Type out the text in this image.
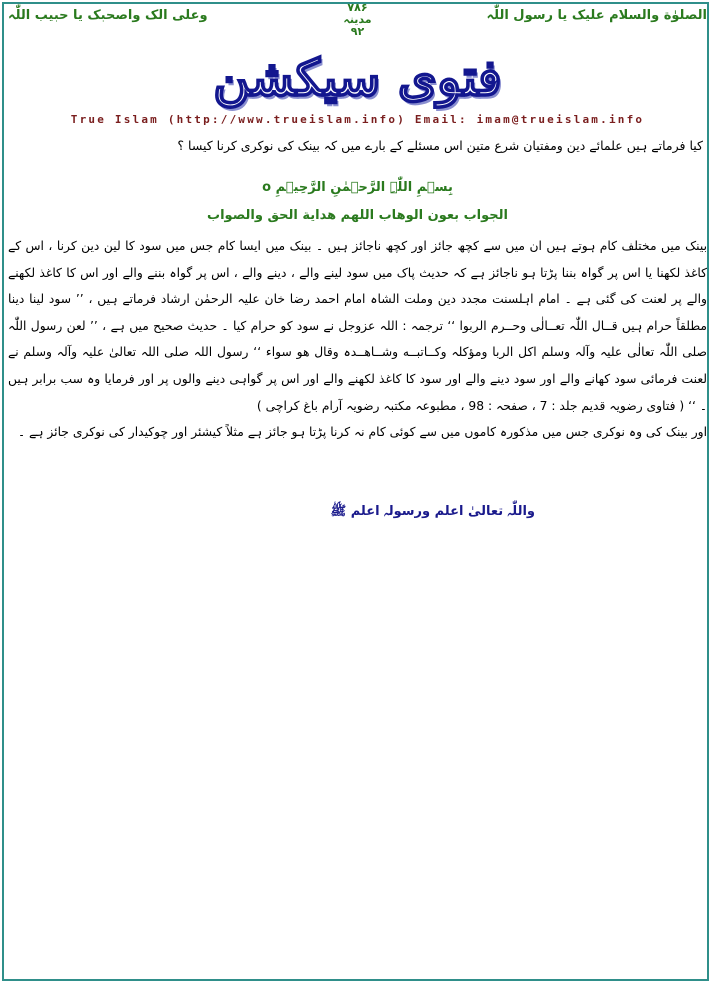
الصلوٰة والسلام علیک یا رسول اللّٰہ
۷۸۶
مدینہ
۹۲
وعلی الک واصحبک یا حبیب اللّٰہ
فتوی سیکشن
True Islam (http://www.trueislam.info) Email: imam@trueislam.info
کیا فرماتے ہیں علمائے دین ومفتیان شرع متین اس مسئلے کے بارے میں کہ بینک کی نوکری کرنا کیسا ؟
بِسۡمِ اللّٰہِ الرَّحۡمٰنِ الرَّحِیۡمِ o
الجواب بعون الوھاب اللھم ھدایة الحق والصواب

بینک میں مختلف کام ہوتے ہیں ان میں سے کچھ جائز اور کچھ ناجائز ہیں ۔ بینک میں ایسا کام جس میں سود کا لین دین کرنا ، اس کے کاغذ لکھنا یا اس پر گواہ بننا پڑتا ہو ناجائز ہے کہ حدیث پاک میں سود لینے والے ، دینے والے ، اس پر گواہ بننے والے اور اس کا کاغذ لکھنے والے پر لعنت کی گئی ہے ۔ امام اہلسنت مجدد دین وملت الشاہ امام احمد رضا خان علیہ الرحمٰن ارشاد فرماتے ہیں ، ’’ سود لینا دینا مطلقاً حرام ہیں قــال اللّٰہ تعــالٰی وحــرم الربوا ‘‘ ترجمہ : اللہ عزوجل نے سود کو حرام کیا ۔ حدیث صحیح میں ہے ، ’’ لعن رسول اللّٰہ صلی اللّٰہ تعالٰی علیہ وآلہ وسلم اکل الربا ومؤکلہ وکــاتبــه وشــاھــدہ وقال ھو سواء ‘‘ رسول اللہ صلی اللہ تعالیٰ علیہ وآلہ وسلم نے لعنت فرمائی سود کھانے والے اور سود دینے والے اور سود کا کاغذ لکھنے والے اور اس پر گواہی دینے والوں پر اور فرمایا وہ سب برابر ہیں ۔ ‘‘ ( فتاوی رضویہ قدیم جلد : 7 ، صفحہ : 98 ، مطبوعہ مکتبہ رضویہ آرام باغ کراچی )

اور بینک کی وہ نوکری جس میں مذکورہ کاموں میں سے کوئی کام نہ کرنا پڑتا ہو جائز ہے مثلاً کیشئر اور چوکیدار کی نوکری جائز ہے ۔

واللّٰہ تعالیٰ اعلم ورسولہ اعلم ﷺ
